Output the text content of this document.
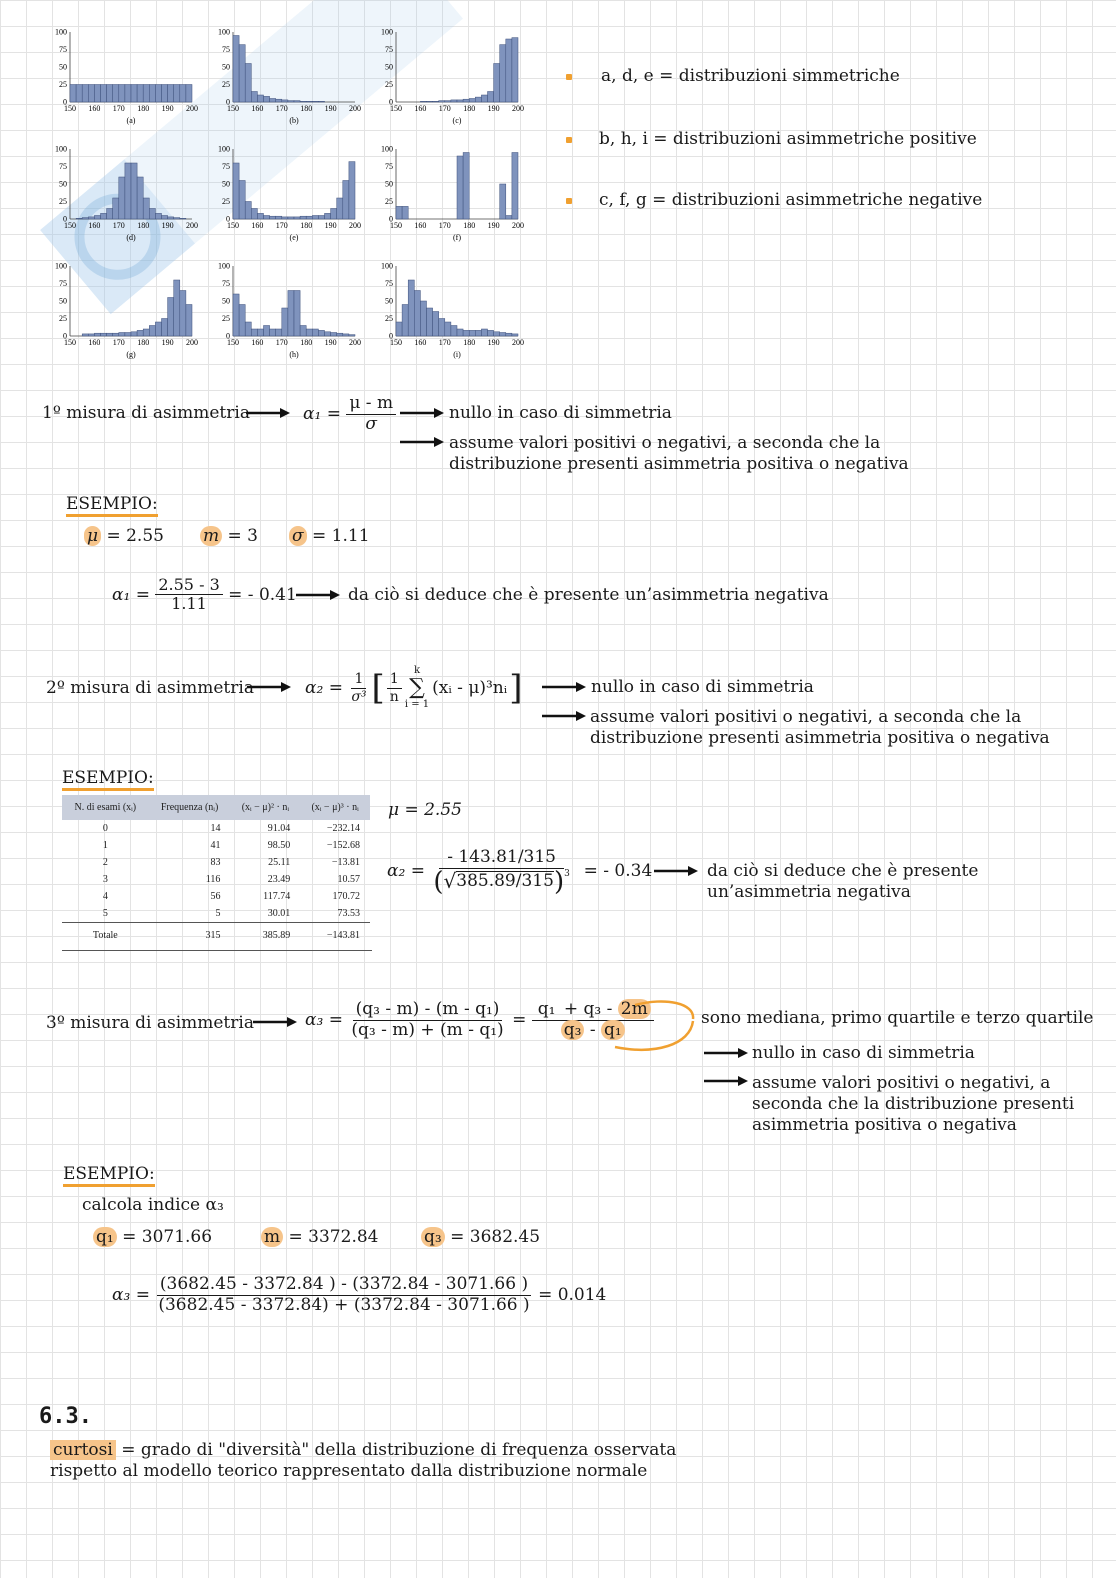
100
75
50
25
0
150 160 170 180 190 200
(a)
100
75
50
25
0
150 160 170 180 190 200
(b)
100
75
50
25
0
150 160 170 180 190 200
(c)
100
75
50
25
0
150 160 170 180 190 200
(d)
100
75
50
25
0
150 160 170 180 190 200
(e)
100
75
50
25
0
150 160 170 180 190 200
(f)
100
75
50
25
0
150 160 170 180 190 200
(g)
100
75
50
25
0
150 160 170 180 190 200
(h)
100
75
50
25
0
150 160 170 180 190 200
(i)
a, d, e = distribuzioni simmetriche
b, h, i = distribuzioni asimmetriche positive
c, f, g = distribuzioni asimmetriche negative
1º misura di asimmetria	α₁ =
$\frac{\mu - m}{\sigma}$	nullo in caso di simmetria
assume valori positivi o negativi, a seconda che la
distribuzione presenti asimmetria positiva o negativa
ESEMPIO:
μ = 2.55 m = 3 σ = 1.11
α₁ =
$\frac{2.55 - 3}{1.11}$
= - 0.41	da ciò si deduce che è presente un’asimmetria negativa
2º misura di asimmetria	α₂ =
$\frac{1}{\text{σ³}}$ [ $\frac{1}{n}$
k
∑
i = 1
(xᵢ - μ)³nᵢ ]	nullo in caso di simmetria
assume valori positivi o negativi, a seconda che la
distribuzione presenti asimmetria positiva o negativa
ESEMPIO:
N. di esami (xᵢ)	Frequenza (nᵢ)	(xᵢ − μ)² · nᵢ	(xᵢ − μ)³ · nᵢ
0	14	91.04	−232.14
1	41	98.50	−152.68
2	83	25.11	−13.81
3	116	23.49	10.57
4	56	117.74	170.72
5	5	30.01	73.53
Totale	315	385.89	−143.81
μ = 2.55
α₂ =
$\frac{- 143.81/315}{( √ 385.89/315 )^3}$
= - 0.34	da ciò si deduce che è presente
un’asimmetria negativa
3º misura di asimmetria	α₃ =
$\frac{\text{(q₃ - m) - (m - q₁)}}{\text{(q₃ - m) + (m - q₁)}}$
=
$\frac{\text{q₁ + q₃ - 2m}}{\text{q₃ - q₁}}$	sono mediana, primo quartile e terzo quartile
nullo in caso di simmetria
assume valori positivi o negativi, a
seconda che la distribuzione presenti
asimmetria positiva o negativa
ESEMPIO:
calcola indice α₃
q₁ = 3071.66	m = 3372.84	q₃ = 3682.45
α₃ =
$\frac{(3682.45 - 3372.84 ) - (3372.84 - 3071.66 )}{(3682.45 - 3372.84) + (3372.84 - 3071.66 )}$
= 0.014
6.3.
curtosi = grado di "diversità" della distribuzione di frequenza osservata
rispetto al modello teorico rappresentato dalla distribuzione normale
